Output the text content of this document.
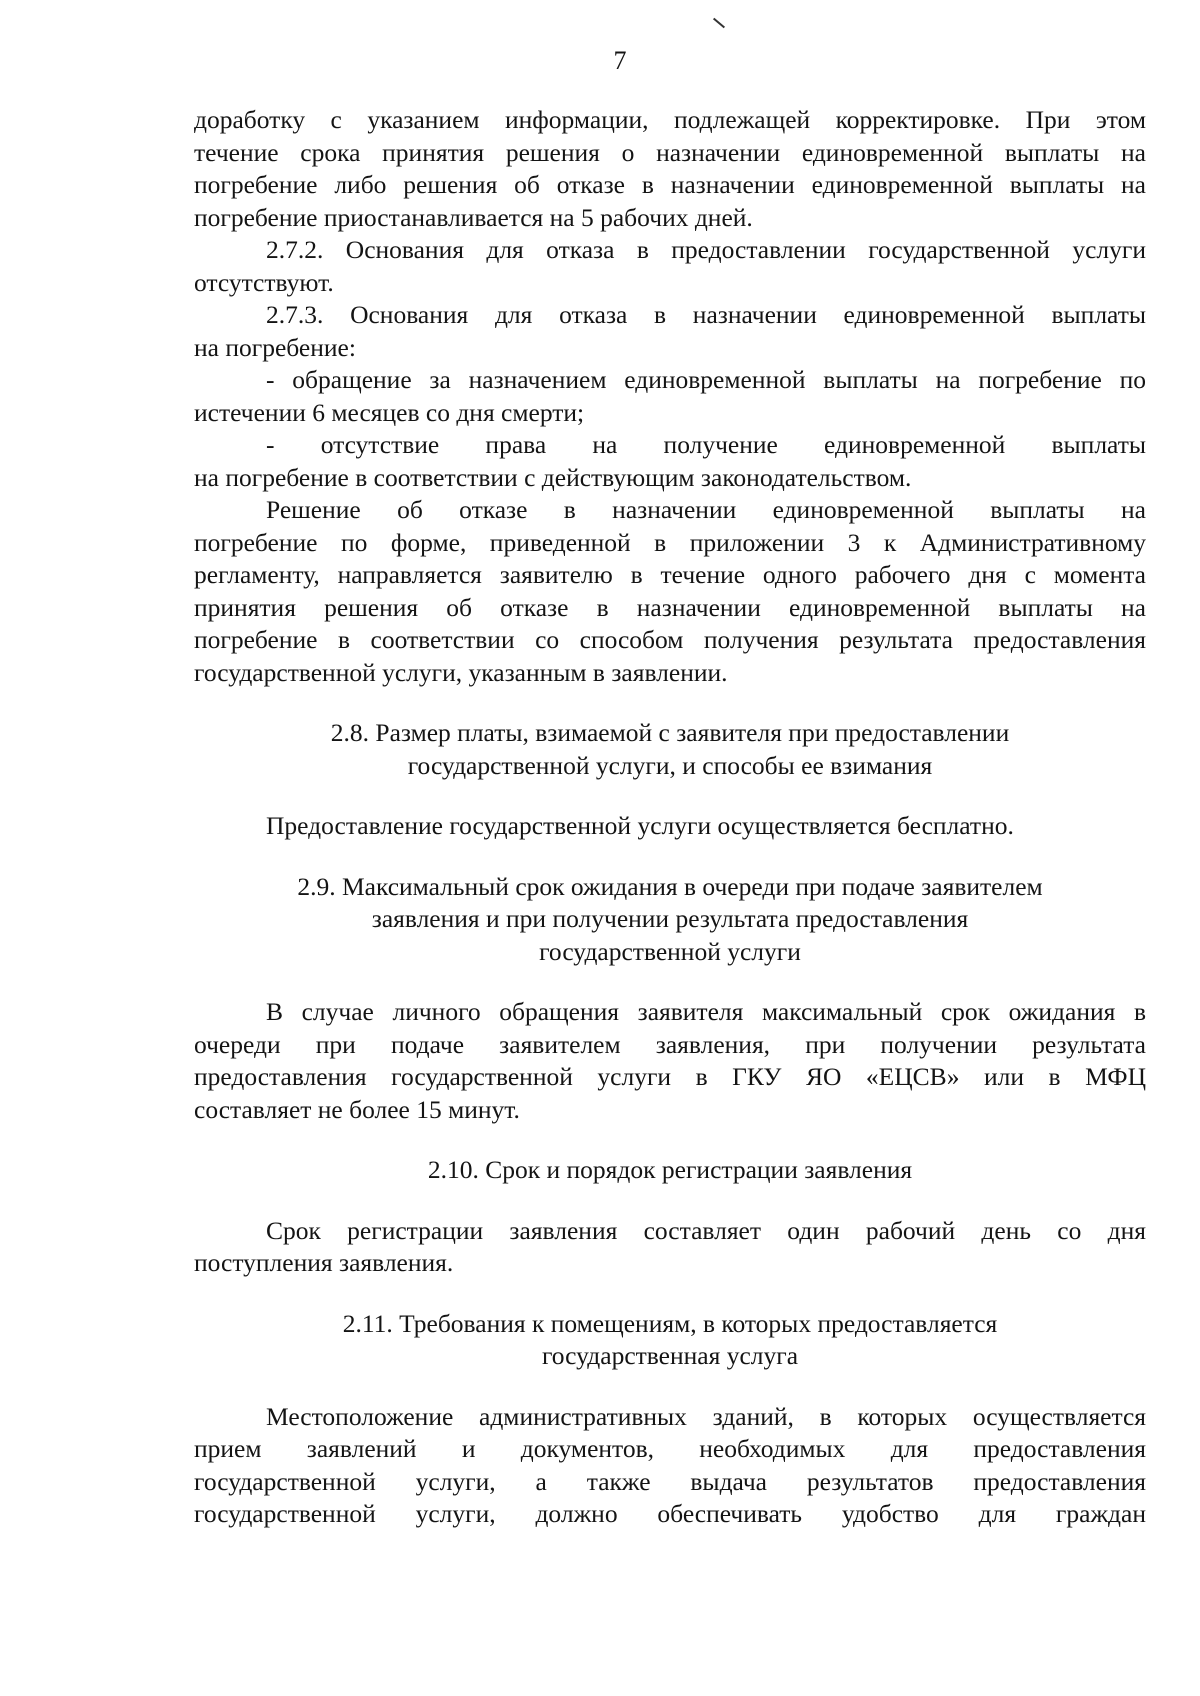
7
доработку с указанием информации, подлежащей корректировке. При этом
течение срока принятия решения о назначении единовременной выплаты на
погребение либо решения об отказе в назначении единовременной выплаты на
погребение приостанавливается на 5 рабочих дней.
2.7.2. Основания для отказа в предоставлении государственной услуги
отсутствуют.
2.7.3. Основания для отказа в назначении единовременной выплаты
на погребение:
- обращение за назначением единовременной выплаты на погребение по
истечении 6 месяцев со дня смерти;
- отсутствие права на получение единовременной выплаты
на погребение в соответствии с действующим законодательством.
Решение об отказе в назначении единовременной выплаты на
погребение по форме, приведенной в приложении 3 к Административному
регламенту, направляется заявителю в течение одного рабочего дня с момента
принятия решения об отказе в назначении единовременной выплаты на
погребение в соответствии со способом получения результата предоставления
государственной услуги, указанным в заявлении.
2.8. Размер платы, взимаемой с заявителя при предоставлении
государственной услуги, и способы ее взимания
Предоставление государственной услуги осуществляется бесплатно.
2.9. Максимальный срок ожидания в очереди при подаче заявителем
заявления и при получении результата предоставления
государственной услуги
В случае личного обращения заявителя максимальный срок ожидания в
очереди при подаче заявителем заявления, при получении результата
предоставления государственной услуги в ГКУ ЯО «ЕЦСВ» или в МФЦ
составляет не более 15 минут.
2.10. Срок и порядок регистрации заявления
Срок регистрации заявления составляет один рабочий день со дня
поступления заявления.
2.11. Требования к помещениям, в которых предоставляется
государственная услуга
Местоположение административных зданий, в которых осуществляется
прием заявлений и документов, необходимых для предоставления
государственной услуги, а также выдача результатов предоставления
государственной услуги, должно обеспечивать удобство для граждан
